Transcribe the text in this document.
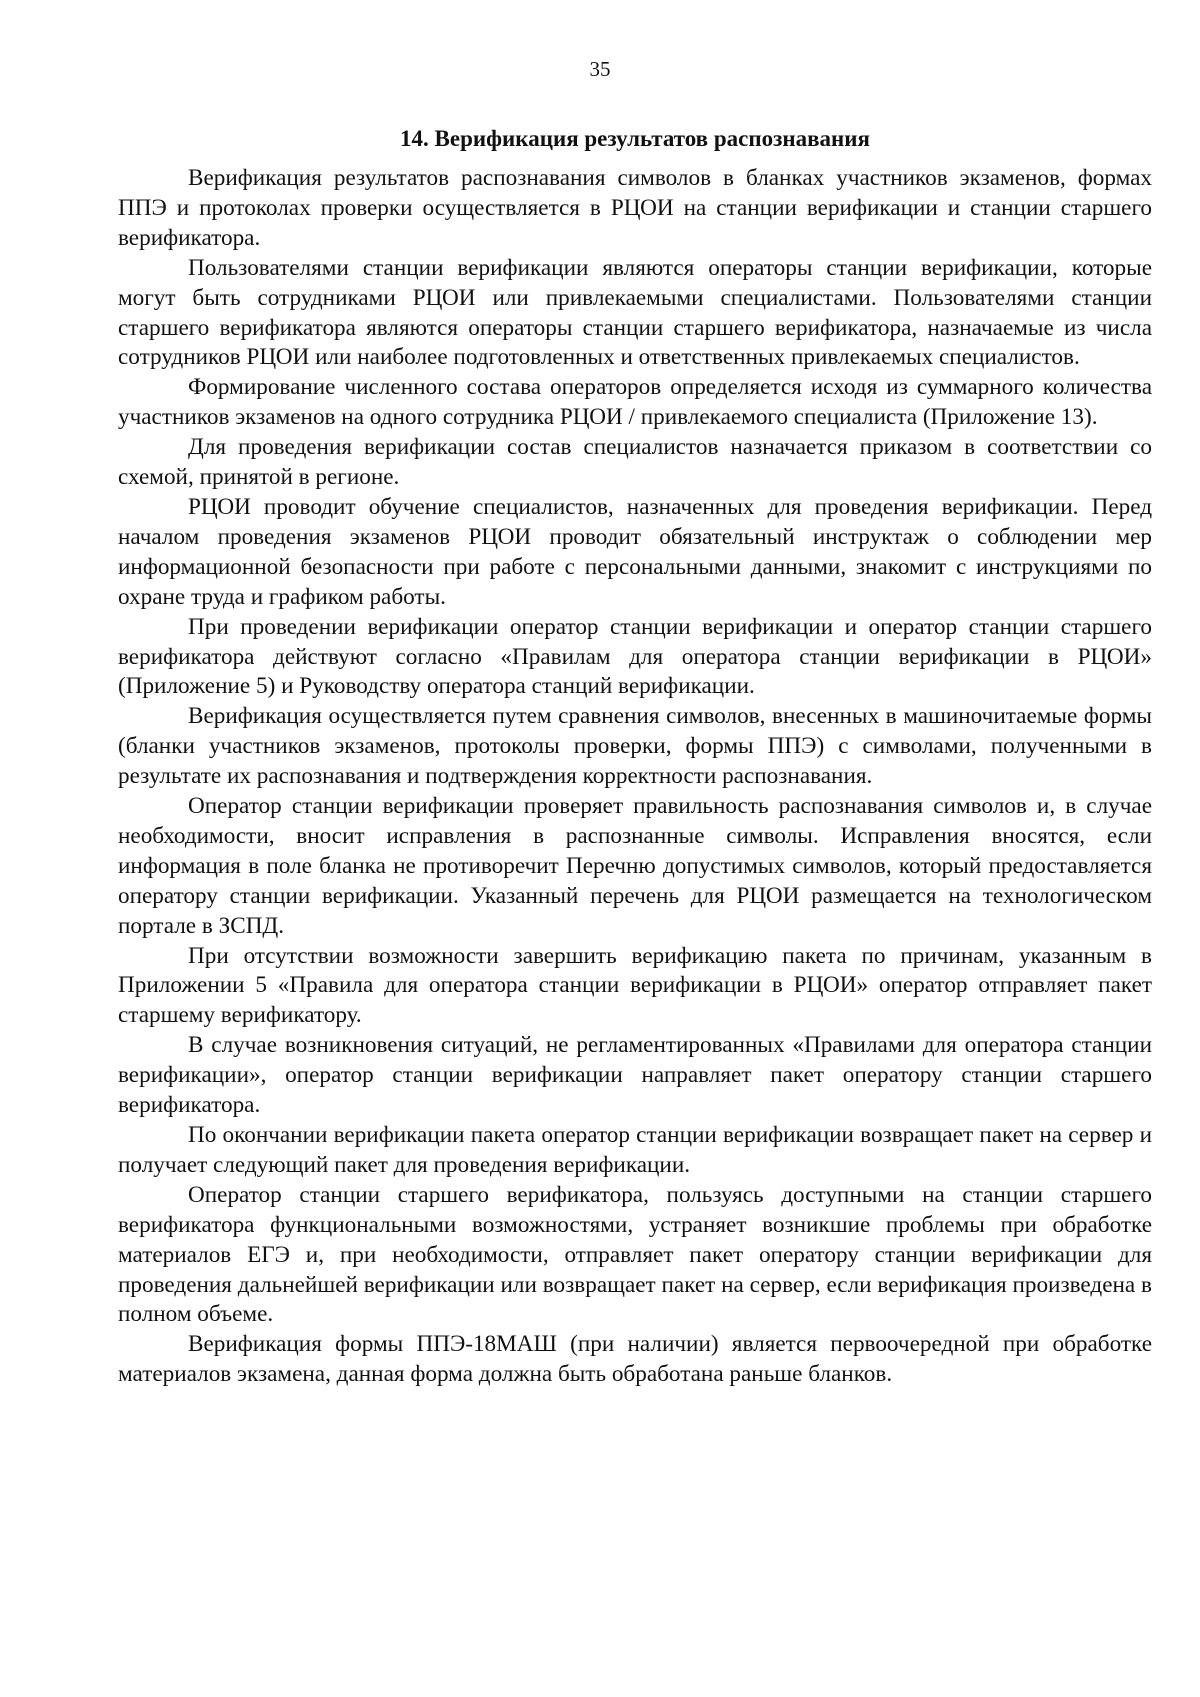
35
14. Верификация результатов распознавания

Верификация результатов распознавания символов в бланках участников экзаменов, формах ППЭ и протоколах проверки осуществляется в РЦОИ на станции верификации и станции старшего верификатора.

Пользователями станции верификации являются операторы станции верификации, которые могут быть сотрудниками РЦОИ или привлекаемыми специалистами. Пользователями станции старшего верификатора являются операторы станции старшего верификатора, назначаемые из числа сотрудников РЦОИ или наиболее подготовленных и ответственных привлекаемых специалистов.

Формирование численного состава операторов определяется исходя из суммарного количества участников экзаменов на одного сотрудника РЦОИ / привлекаемого специалиста (Приложение 13).

Для проведения верификации состав специалистов назначается приказом в соответствии со схемой, принятой в регионе.

РЦОИ проводит обучение специалистов, назначенных для проведения верификации. Перед началом проведения экзаменов РЦОИ проводит обязательный инструктаж о соблюдении мер информационной безопасности при работе с персональными данными, знакомит с инструкциями по охране труда и графиком работы.

При проведении верификации оператор станции верификации и оператор станции старшего верификатора действуют согласно «Правилам для оператора станции верификации в РЦОИ» (Приложение 5) и Руководству оператора станций верификации.

Верификация осуществляется путем сравнения символов, внесенных в машиночитаемые формы (бланки участников экзаменов, протоколы проверки, формы ППЭ) с символами, полученными в результате их распознавания и подтверждения корректности распознавания.

Оператор станции верификации проверяет правильность распознавания символов и, в случае необходимости, вносит исправления в распознанные символы. Исправления вносятся, если информация в поле бланка не противоречит Перечню допустимых символов, который предоставляется оператору станции верификации. Указанный перечень для РЦОИ размещается на технологическом портале в ЗСПД.

При отсутствии возможности завершить верификацию пакета по причинам, указанным в Приложении 5 «Правила для оператора станции верификации в РЦОИ» оператор отправляет пакет старшему верификатору.

В случае возникновения ситуаций, не регламентированных «Правилами для оператора станции верификации», оператор станции верификации направляет пакет оператору станции старшего верификатора.

По окончании верификации пакета оператор станции верификации возвращает пакет на сервер и получает следующий пакет для проведения верификации.

Оператор станции старшего верификатора, пользуясь доступными на станции старшего верификатора функциональными возможностями, устраняет возникшие проблемы при обработке материалов ЕГЭ и, при необходимости, отправляет пакет оператору станции верификации для проведения дальнейшей верификации или возвращает пакет на сервер, если верификация произведена в полном объеме.

Верификация формы ППЭ-18МАШ (при наличии) является первоочередной при обработке материалов экзамена, данная форма должна быть обработана раньше бланков.
